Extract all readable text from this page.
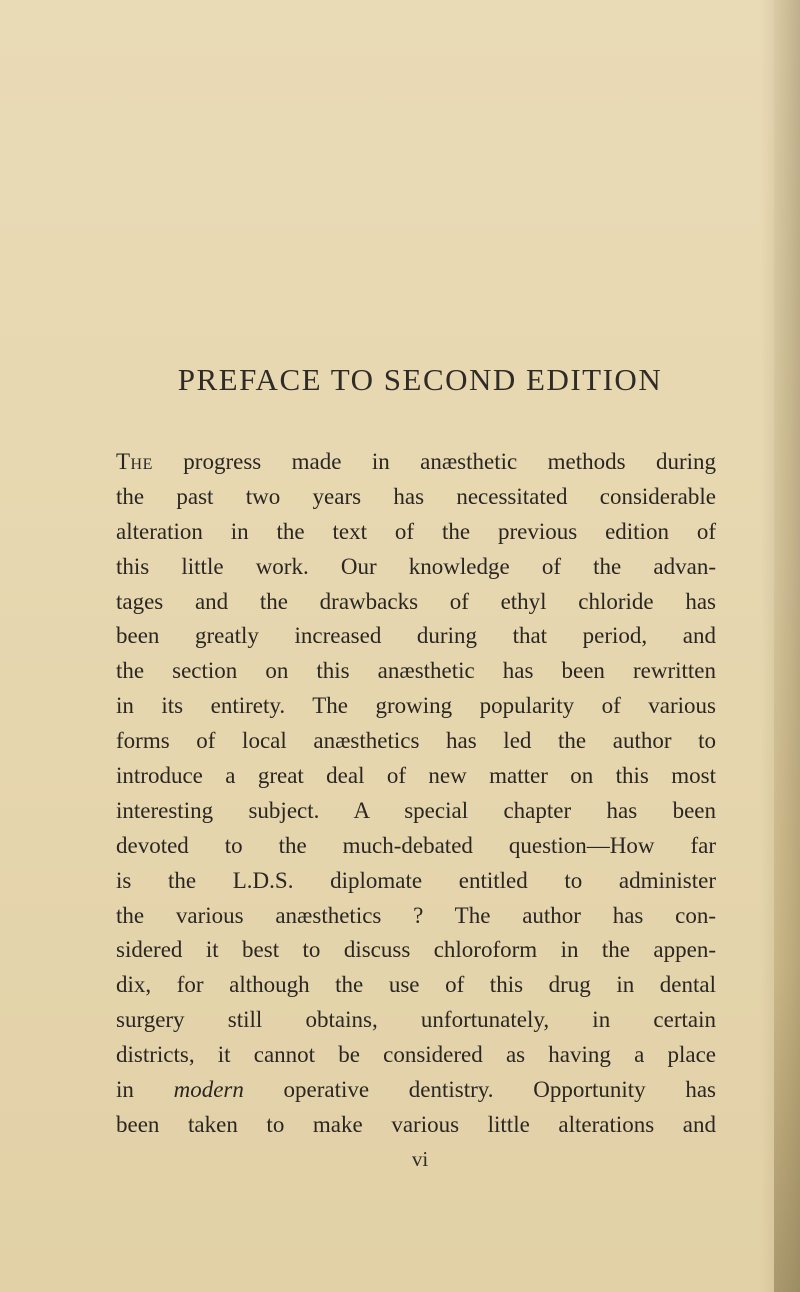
PREFACE TO SECOND EDITION
The progress made in anæsthetic methods during
the past two years has necessitated considerable
alteration in the text of the previous edition of
this little work. Our knowledge of the advan-
tages and the drawbacks of ethyl chloride has
been greatly increased during that period, and
the section on this anæsthetic has been rewritten
in its entirety. The growing popularity of various
forms of local anæsthetics has led the author to
introduce a great deal of new matter on this most
interesting subject. A special chapter has been
devoted to the much-debated question—How far
is the L.D.S. diplomate entitled to administer
the various anæsthetics ? The author has con-
sidered it best to discuss chloroform in the appen-
dix, for although the use of this drug in dental
surgery still obtains, unfortunately, in certain
districts, it cannot be considered as having a place
in modern operative dentistry. Opportunity has
been taken to make various little alterations and
vi
